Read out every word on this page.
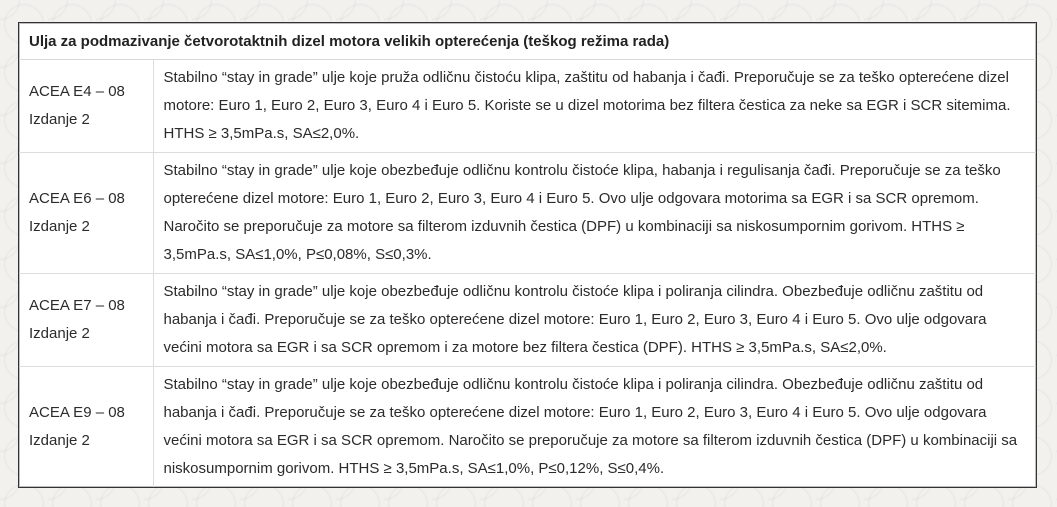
Ulja za podmazivanje četvorotaktnih dizel motora velikih opterećenja (teškog režima rada)	

ACEA E4 – 08
Izdanje 2	Stabilno “stay in grade” ulje koje pruža odličnu čistoću klipa, zaštitu od habanja i čađi. Preporučuje se za teško opterećene dizel motore: Euro 1, Euro 2, Euro 3, Euro 4 i Euro 5. Koriste se u dizel motorima bez filtera čestica za neke sa EGR i SCR sitemima. HTHS ≥ 3,5mPa.s, SA≤2,0%.

ACEA E6 – 08
Izdanje 2	Stabilno “stay in grade” ulje koje obezbeđuje odličnu kontrolu čistoće klipa, habanja i regulisanja čađi. Preporučuje se za teško opterećene dizel motore: Euro 1, Euro 2, Euro 3, Euro 4 i Euro 5. Ovo ulje odgovara motorima sa EGR i sa SCR opremom. Naročito se preporučuje za motore sa filterom izduvnih čestica (DPF) u kombinaciji sa niskosumpornim gorivom. HTHS ≥ 3,5mPa.s, SA≤1,0%, P≤0,08%, S≤0,3%.

ACEA E7 – 08
Izdanje 2	Stabilno “stay in grade” ulje koje obezbeđuje odličnu kontrolu čistoće klipa i poliranja cilindra. Obezbeđuje odličnu zaštitu od habanja i čađi. Preporučuje se za teško opterećene dizel motore: Euro 1, Euro 2, Euro 3, Euro 4 i Euro 5. Ovo ulje odgovara većini motora sa EGR i sa SCR opremom i za motore bez filtera čestica (DPF). HTHS ≥ 3,5mPa.s, SA≤2,0%.

ACEA E9 – 08
Izdanje 2	Stabilno “stay in grade” ulje koje obezbeđuje odličnu kontrolu čistoće klipa i poliranja cilindra. Obezbeđuje odličnu zaštitu od habanja i čađi. Preporučuje se za teško opterećene dizel motore: Euro 1, Euro 2, Euro 3, Euro 4 i Euro 5. Ovo ulje odgovara većini motora sa EGR i sa SCR opremom. Naročito se preporučuje za motore sa filterom izduvnih čestica (DPF) u kombinaciji sa niskosumpornim gorivom. HTHS ≥ 3,5mPa.s, SA≤1,0%, P≤0,12%, S≤0,4%.
